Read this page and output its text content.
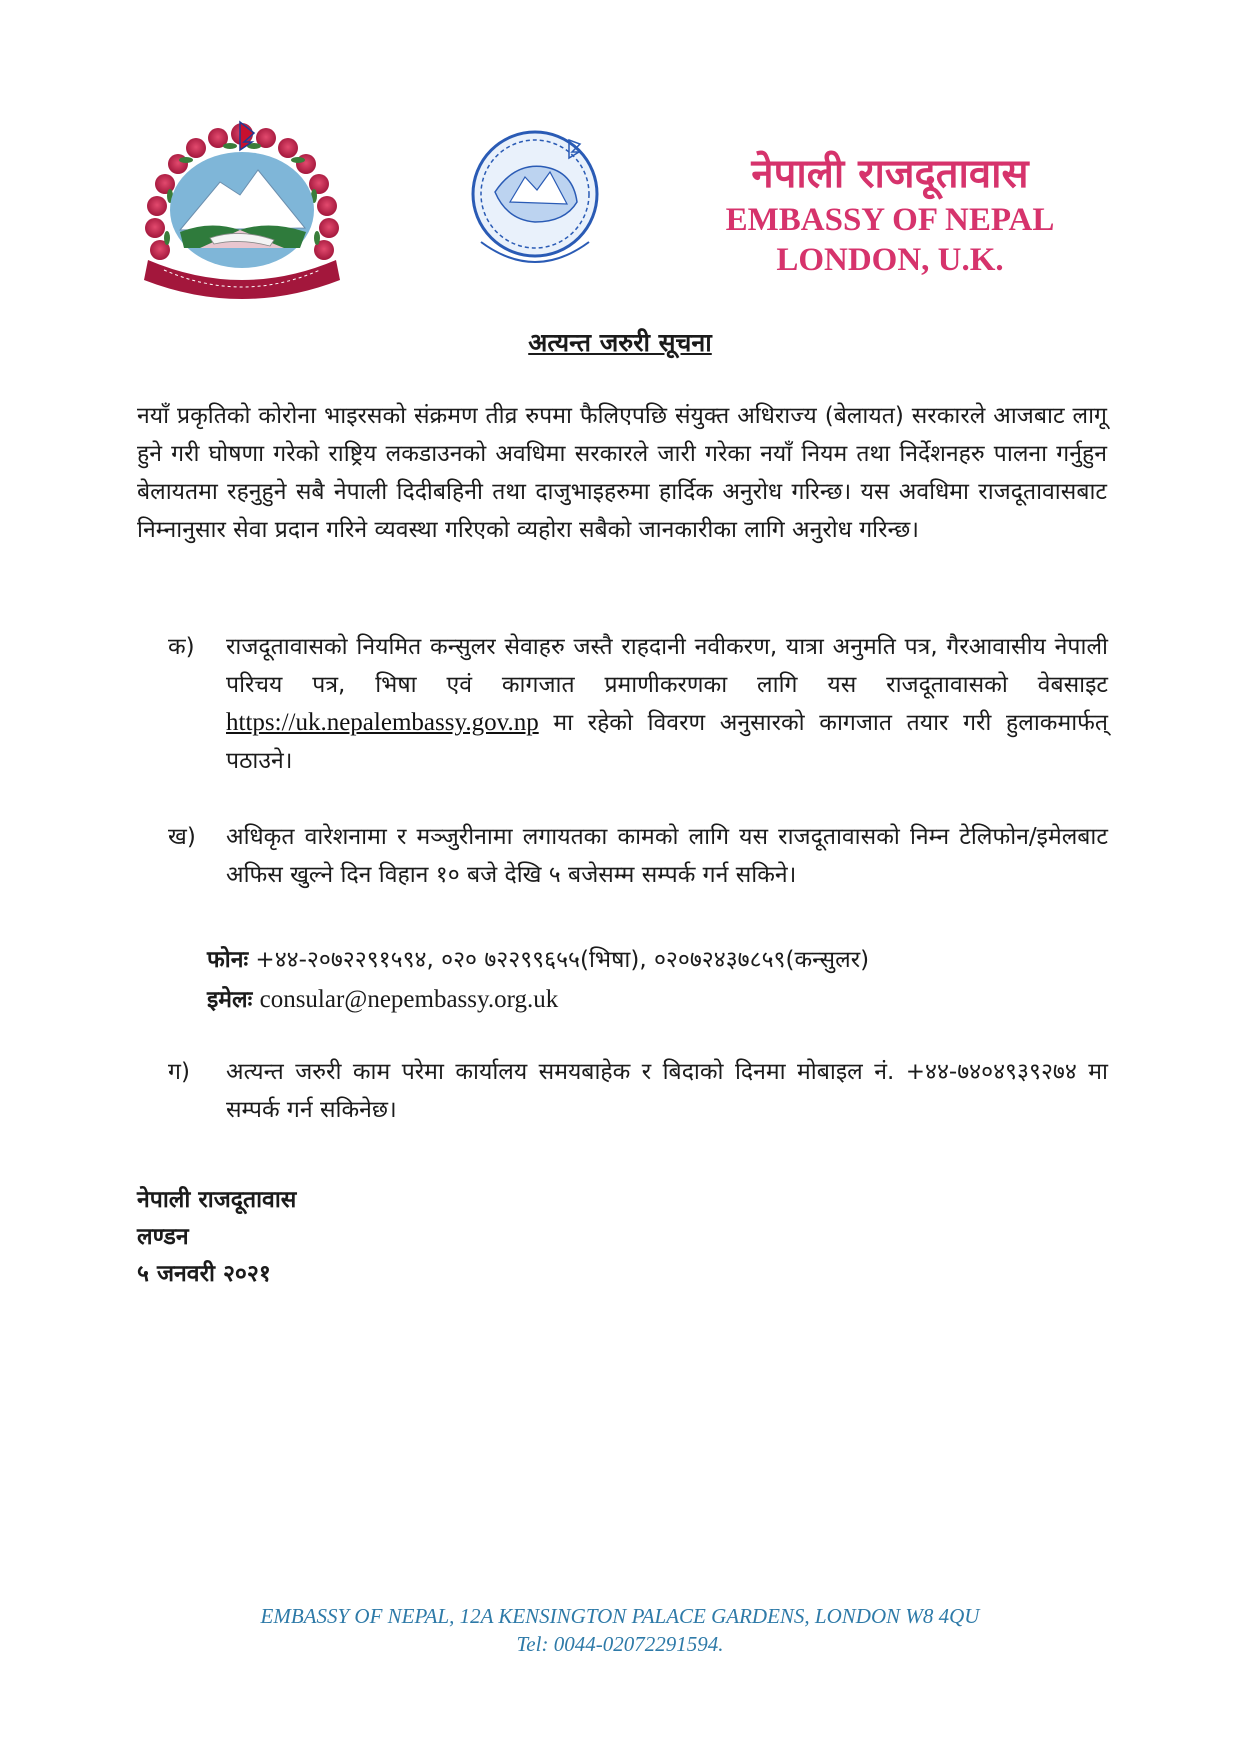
नेपाली राजदूतावास
EMBASSY OF NEPAL
LONDON, U.K.
अत्यन्त जरुरी सूचना
नयाँ प्रकृतिको कोरोना भाइरसको संक्रमण तीव्र रुपमा फैलिएपछि संयुक्त अधिराज्य (बेलायत) सरकारले आजबाट लागू हुने गरी घोषणा गरेको राष्ट्रिय लकडाउनको अवधिमा सरकारले जारी गरेका नयाँ नियम तथा निर्देशनहरु पालना गर्नुहुन बेलायतमा रहनुहुने सबै नेपाली दिदीबहिनी तथा दाजुभाइहरुमा हार्दिक अनुरोध गरिन्छ। यस अवधिमा राजदूतावासबाट निम्नानुसार सेवा प्रदान गरिने व्यवस्था गरिएको व्यहोरा सबैको जानकारीका लागि अनुरोध गरिन्छ।
क)	राजदूतावासको नियमित कन्सुलर सेवाहरु जस्तै राहदानी नवीकरण, यात्रा अनुमति पत्र, गैरआवासीय नेपाली परिचय पत्र, भिषा एवं कागजात प्रमाणीकरणका लागि यस राजदूतावासको वेबसाइट https://uk.nepalembassy.gov.np मा रहेको विवरण अनुसारको कागजात तयार गरी हुलाकमार्फत् पठाउने।
ख)	अधिकृत वारेशनामा र मञ्जुरीनामा लगायतका कामको लागि यस राजदूतावासको निम्न टेलिफोन/इमेलबाट अफिस खुल्ने दिन विहान १० बजे देखि ५ बजेसम्म सम्पर्क गर्न सकिने।
फोनः +४४-२०७२२९१५९४, ०२० ७२२९९६५५(भिषा), ०२०७२४३७८५९(कन्सुलर)
इमेलः consular@nepembassy.org.uk
ग)	अत्यन्त जरुरी काम परेमा कार्यालय समयबाहेक र बिदाको दिनमा मोबाइल नं. +४४-७४०४९३९२७४ मा सम्पर्क गर्न सकिनेछ।
नेपाली राजदूतावास
लण्डन
५ जनवरी २०२१
EMBASSY OF NEPAL, 12A KENSINGTON PALACE GARDENS, LONDON W8 4QU
Tel: 0044-02072291594.
